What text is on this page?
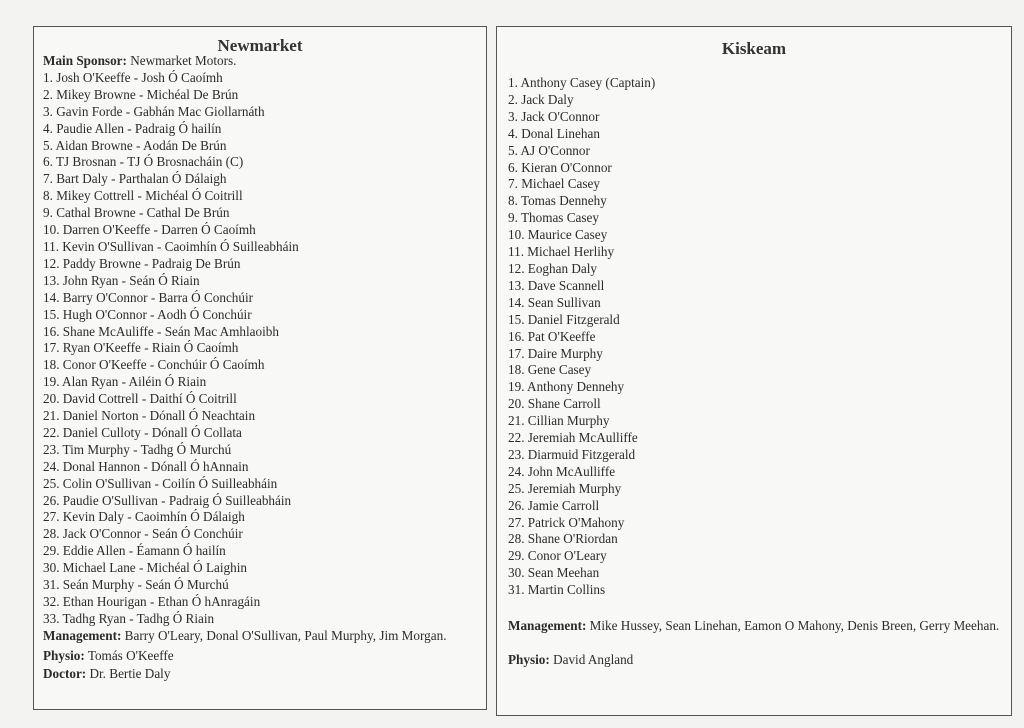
Newmarket
Main Sponsor: Newmarket Motors.
1. Josh O'Keeffe - Josh Ó Caoímh
2. Mikey Browne - Michéal De Brún
3. Gavin Forde - Gabhán Mac Giollarnáth
4. Paudie Allen - Padraig Ó hailín
5. Aidan Browne - Aodán De Brún
6. TJ Brosnan - TJ Ó Brosnacháin (C)
7. Bart Daly - Parthalan Ó Dálaigh
8. Mikey Cottrell - Michéal Ó Coitrill
9. Cathal Browne - Cathal De Brún
10. Darren O'Keeffe - Darren Ó Caoímh
11. Kevin O'Sullivan - Caoimhín Ó Suilleabháin
12. Paddy Browne - Padraig De Brún
13. John Ryan - Seán Ó Riain
14. Barry O'Connor - Barra Ó Conchúir
15. Hugh O'Connor - Aodh Ó Conchúir
16. Shane McAuliffe - Seán Mac Amhlaoibh
17. Ryan O'Keeffe - Riain Ó Caoímh
18. Conor O'Keeffe - Conchúir Ó Caoímh
19. Alan Ryan - Ailéin Ó Riain
20. David Cottrell - Daithí Ó Coitrill
21. Daniel Norton - Dónall Ó Neachtain
22. Daniel Culloty - Dónall Ó Collata
23. Tim Murphy - Tadhg Ó Murchú
24. Donal Hannon - Dónall Ó hAnnain
25. Colin O'Sullivan - Coilín Ó Suilleabháin
26. Paudie O'Sullivan - Padraig Ó Suilleabháin
27. Kevin Daly - Caoimhín Ó Dálaigh
28. Jack O'Connor - Seán Ó Conchúir
29. Eddie Allen - Éamann Ó hailín
30. Michael Lane - Michéal Ó Laighin
31. Seán Murphy - Seán Ó Murchú
32. Ethan Hourigan - Ethan Ó hAnragáin
33. Tadhg Ryan - Tadhg Ó Riain
Management: Barry O'Leary, Donal O'Sullivan, Paul Murphy, Jim Morgan.
Physio: Tomás O'Keeffe
Doctor: Dr. Bertie Daly
Kiskeam
1. Anthony Casey (Captain)
2. Jack Daly
3. Jack O'Connor
4. Donal Linehan
5. AJ O'Connor
6. Kieran O'Connor
7. Michael Casey
8. Tomas Dennehy
9. Thomas Casey
10. Maurice Casey
11. Michael Herlihy
12. Eoghan Daly
13. Dave Scannell
14. Sean Sullivan
15. Daniel Fitzgerald
16. Pat O'Keeffe
17. Daire Murphy
18. Gene Casey
19. Anthony Dennehy
20. Shane Carroll
21. Cillian Murphy
22. Jeremiah McAulliffe
23. Diarmuid Fitzgerald
24. John McAulliffe
25. Jeremiah Murphy
26. Jamie Carroll
27. Patrick O'Mahony
28. Shane O'Riordan
29. Conor O'Leary
30. Sean Meehan
31. Martin Collins
Management: Mike Hussey, Sean Linehan, Eamon O Mahony, Denis Breen, Gerry Meehan.
Physio: David Angland
